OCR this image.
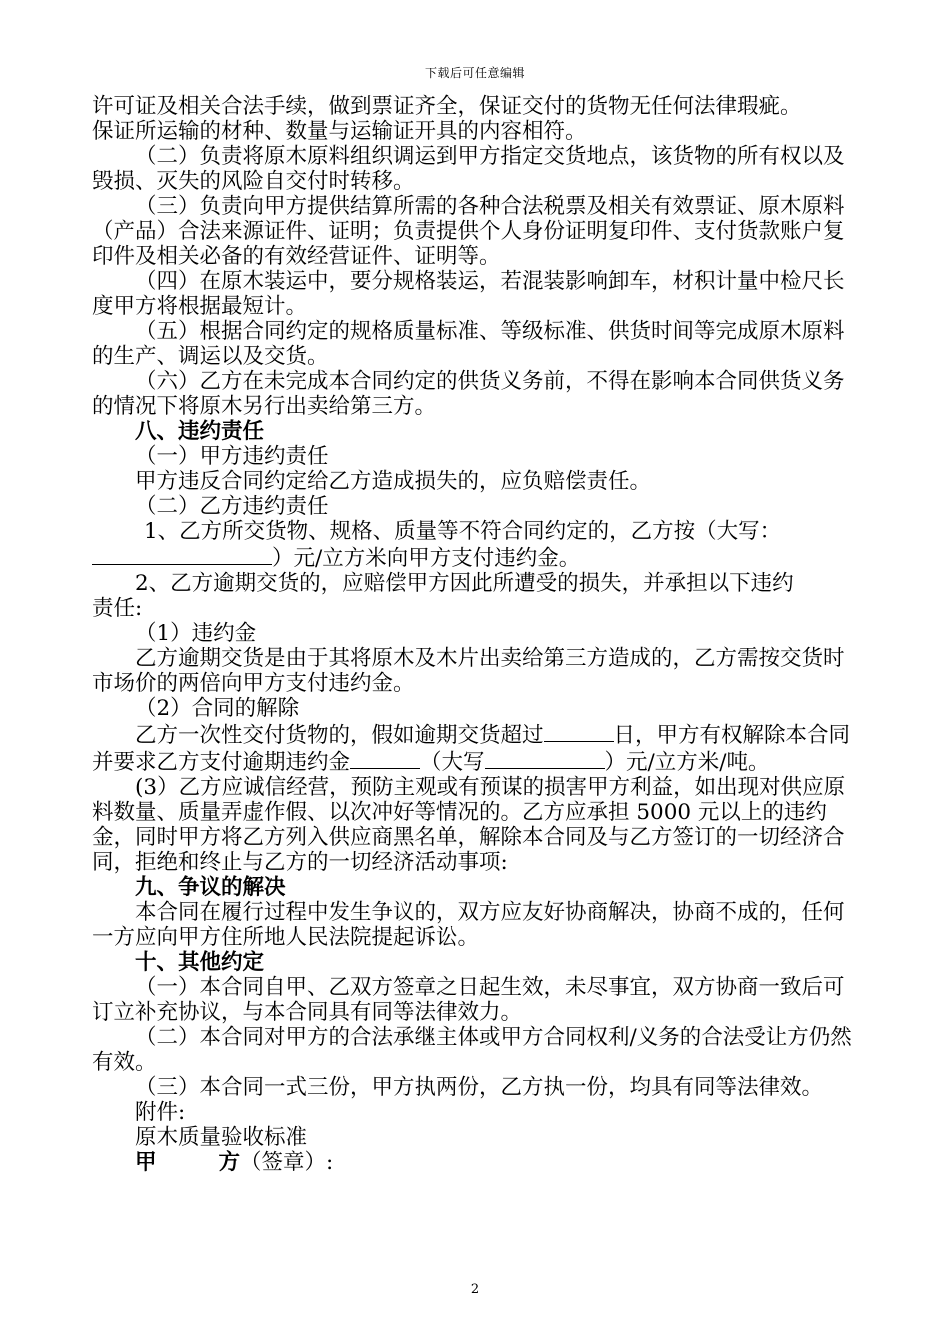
下载后可任意编辑

许可证及相关合法手续，做到票证齐全，保证交付的货物无任何法律瑕疵。

保证所运输的材种、数量与运输证开具的内容相符。

（二）负责将原木原料组织调运到甲方指定交货地点，该货物的所有权以及毁损、灭失的风险自交付时转移。

（三）负责向甲方提供结算所需的各种合法税票及相关有效票证、原木原料（产品）合法来源证件、证明；负责提供个人身份证明复印件、支付货款账户复印件及相关必备的有效经营证件、证明等。

（四）在原木装运中，要分规格装运，若混装影响卸车，材积计量中检尺长度甲方将根据最短计。

（五）根据合同约定的规格质量标准、等级标准、供货时间等完成原木原料的生产、调运以及交货。

（六）乙方在未完成本合同约定的供货义务前，不得在影响本合同供货义务的情况下将原木另行出卖给第三方。

八、违约责任

（一）甲方违约责任

甲方违反合同约定给乙方造成损失的，应负赔偿责任。

（二）乙方违约责任

1、乙方所交货物、规格、质量等不符合同约定的，乙方按（大写：）元/立方米向甲方支付违约金。

2、乙方逾期交货的，应赔偿甲方因此所遭受的损失，并承担以下违约

责任:

（1）违约金

乙方逾期交货是由于其将原木及木片出卖给第三方造成的，乙方需按交货时市场价的两倍向甲方支付违约金。

（2）合同的解除

乙方一次性交付货物的，假如逾期交货超过	日，甲方有权解除本合同并要求乙方支付逾期违约金	（大写	）元/立方米/吨。

(3）乙方应诚信经营，预防主观或有预谋的损害甲方利益，如出现对供应原料数量、质量弄虚作假、以次冲好等情况的。乙方应承担 5000 元以上的违约金，同时甲方将乙方列入供应商黑名单，解除本合同及与乙方签订的一切经济合同，拒绝和终止与乙方的一切经济活动事项:

九、争议的解决

本合同在履行过程中发生争议的，双方应友好协商解决，协商不成的，任何一方应向甲方住所地人民法院提起诉讼。

十、其他约定

（一）本合同自甲、乙双方签章之日起生效，未尽事宜，双方协商一致后可订立补充协议，与本合同具有同等法律效力。

（二）本合同对甲方的合法承继主体或甲方合同权利/义务的合法受让方仍然有效。

（三）本合同一式三份，甲方执两份，乙方执一份，均具有同等法律效。

附件:

原木质量验收标准

甲	方（签章）:

2
